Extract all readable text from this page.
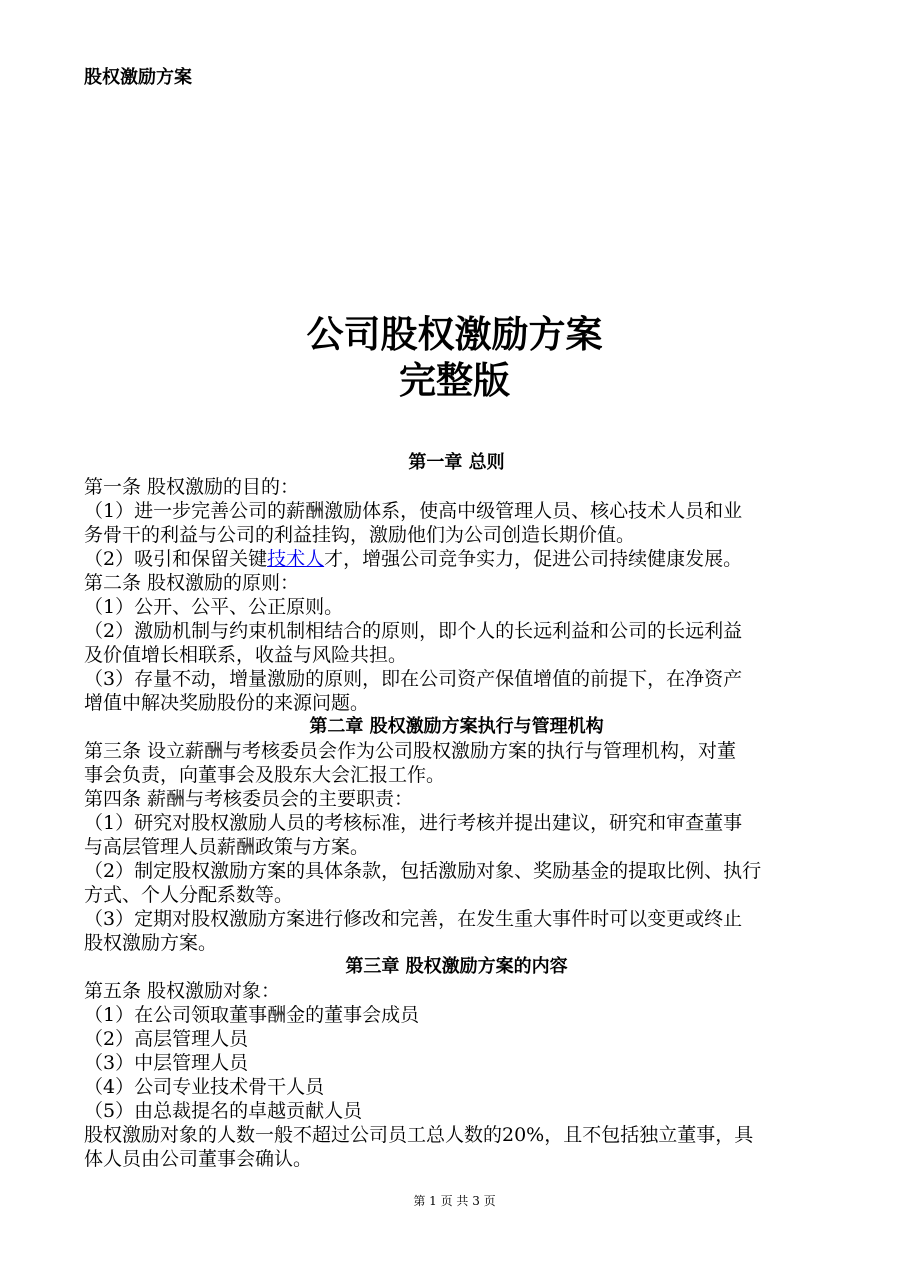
股权激励方案
公司股权激励方案
完整版
第一章 总则
第一条 股权激励的目的：
（1）进一步完善公司的薪酬激励体系，使高中级管理人员、核心技术人员和业
务骨干的利益与公司的利益挂钩，激励他们为公司创造长期价值。
（2）吸引和保留关键技术人才，增强公司竞争实力，促进公司持续健康发展。
第二条 股权激励的原则：
（1）公开、公平、公正原则。
（2）激励机制与约束机制相结合的原则，即个人的长远利益和公司的长远利益
及价值增长相联系，收益与风险共担。
（3）存量不动，增量激励的原则，即在公司资产保值增值的前提下，在净资产
增值中解决奖励股份的来源问题。
第二章 股权激励方案执行与管理机构
第三条 设立薪酬与考核委员会作为公司股权激励方案的执行与管理机构，对董
事会负责，向董事会及股东大会汇报工作。
第四条 薪酬与考核委员会的主要职责：
（1）研究对股权激励人员的考核标准，进行考核并提出建议，研究和审查董事
与高层管理人员薪酬政策与方案。
（2）制定股权激励方案的具体条款，包括激励对象、奖励基金的提取比例、执行
方式、个人分配系数等。
（3）定期对股权激励方案进行修改和完善，在发生重大事件时可以变更或终止
股权激励方案。
第三章 股权激励方案的内容
第五条 股权激励对象：
（1）在公司领取董事酬金的董事会成员
（2）高层管理人员
（3）中层管理人员
（4）公司专业技术骨干人员
（5）由总裁提名的卓越贡献人员
股权激励对象的人数一般不超过公司员工总人数的20%，且不包括独立董事，具
体人员由公司董事会确认。
第 1 页 共 3 页
